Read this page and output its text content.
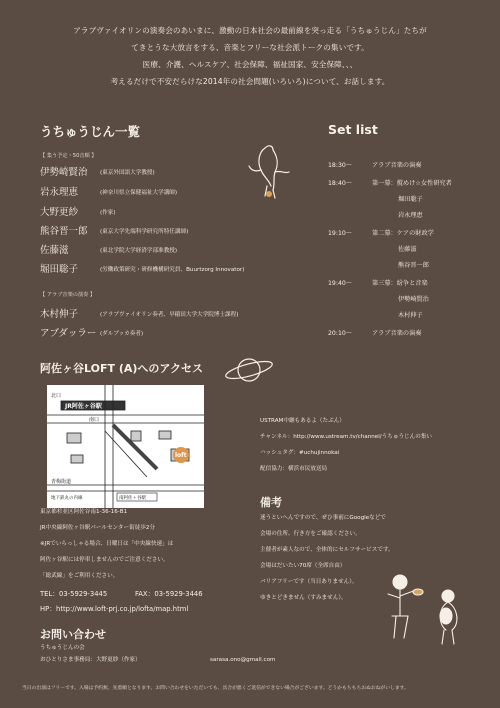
アラブヴァイオリンの演奏会のあいまに、激動の日本社会の最前線を突っ走る「うちゅうじん」たちが
てきとうな大放言をする、音楽とフリーな社会派トークの集いです。
医療、介護、ヘルスケア、社会保障、福祉国家、安全保障、、、
考えるだけで不安だらけな2014年の社会問題(いろいろ)について、お話します。
うちゅうじん一覧
【 集う予定・50音順 】
伊勢崎賢治 (東京外国語大学教授)
岩永理恵	(神奈川県立保健福祉大学講師)
大野更紗	(作家)
熊谷晋一郎 (東京大学先端科学研究所特任講師)
佐藤滋	(東北学院大学経済学部准教授)
堀田聡子	(労働政策研究・研修機構研究員、Buurtzorg Innovator)
【 アラブ音楽の演奏 】
木村伸子	(アラブヴァイオリン奏者、早稲田大学大学院博士課程)
アブダッラー (ダルブッカ奏者)
Set list
18:30〜	アラブ音楽の演奏
18:40〜	第一幕：撹めけ☆女性研究者
堀田聡子
岩永理恵
19:10〜	第二幕：ケアの財政学
佐藤滋
熊谷晋一郎
19:40〜	第三幕：紛争と音楽
伊勢崎賢治
木村伸子
20:10〜	アラブ音楽の演奏
阿佐ヶ谷LOFT (A)へのアクセス
北口
JR阿佐ヶ谷駅
南口
loft
青梅街道
地下鉄丸の内線	南阿佐ヶ谷駅
東京都杉並区阿佐谷南1-36-16-B1
JR中央線阿佐ヶ谷駅パールセンター街徒歩2分
※JRでいらっしゃる場合、日曜日は「中央線快速」は
阿佐ヶ谷駅には停車しませんのでご注意ください。
「総武線」をご利用ください。
TEL：03-5929-3445	FAX：03-5929-3446
HP：http://www.loft-prj.co.jp/lofta/map.html
お問い合わせ
うちゅうじんの会
おひとりさま事務局：大野更紗（作家）	sarasa.ono@gmail.com
USTRAM中継もあるよ（たぶん）
チャンネル：http://www.ustream.tv/channel/うちゅうじんの集い
ハッシュタグ：#uchujinnokai
配信協力：横浜市民放送局
備考
迷うといへんですので、ぜひ事前にGoogleなどで
会場の住所、行き方をご確認ください。
主催者が素人なので、全体的にセルフサービスです。
会場はだいたい70席（全席自由）
バリアフリーです（当日ありません）。
ゆきとどきません（すみません）。
当日の出演はフリーです。入場は予約無、先着順となります。お問い合わせをいただいても、具合が悪くご返信ができない場合がございます。どうかもちもちおぬおねがいします。
